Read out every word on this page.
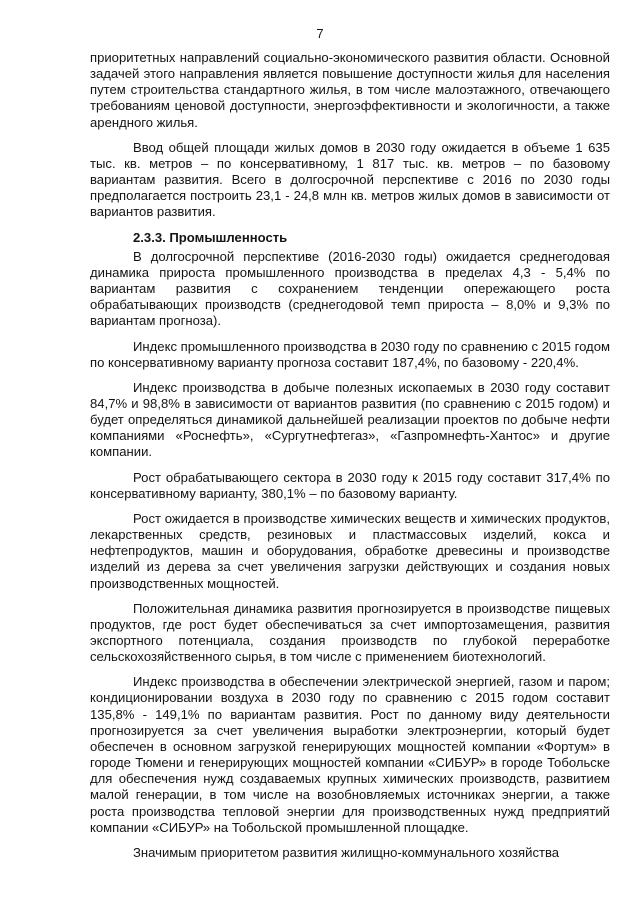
7

приоритетных направлений социально-экономического развития области. Основной задачей этого направления является повышение доступности жилья для населения путем строительства стандартного жилья, в том числе малоэтажного, отвечающего требованиям ценовой доступности, энергоэффективности и экологичности, а также арендного жилья.

Ввод общей площади жилых домов в 2030 году ожидается в объеме 1 635 тыс. кв. метров – по консервативному, 1 817 тыс. кв. метров – по базовому вариантам развития. Всего в долгосрочной перспективе с 2016 по 2030 годы предполагается построить 23,1 - 24,8 млн кв. метров жилых домов в зависимости от вариантов развития.

2.3.3. Промышленность

В долгосрочной перспективе (2016-2030 годы) ожидается среднегодовая динамика прироста промышленного производства в пределах 4,3 - 5,4% по вариантам развития с сохранением тенденции опережающего роста обрабатывающих производств (среднегодовой темп прироста – 8,0% и 9,3% по вариантам прогноза).

Индекс промышленного производства в 2030 году по сравнению с 2015 годом по консервативному варианту прогноза составит 187,4%, по базовому - 220,4%.

Индекс производства в добыче полезных ископаемых в 2030 году составит 84,7% и 98,8% в зависимости от вариантов развития (по сравнению с 2015 годом) и будет определяться динамикой дальнейшей реализации проектов по добыче нефти компаниями «Роснефть», «Сургутнефтегаз», «Газпромнефть-Хантос» и другие компании.

Рост обрабатывающего сектора в 2030 году к 2015 году составит 317,4% по консервативному варианту, 380,1% – по базовому варианту.

Рост ожидается в производстве химических веществ и химических продуктов, лекарственных средств, резиновых и пластмассовых изделий, кокса и нефтепродуктов, машин и оборудования, обработке древесины и производстве изделий из дерева за счет увеличения загрузки действующих и создания новых производственных мощностей.

Положительная динамика развития прогнозируется в производстве пищевых продуктов, где рост будет обеспечиваться за счет импортозамещения, развития экспортного потенциала, создания производств по глубокой переработке сельскохозяйственного сырья, в том числе с применением биотехнологий.

Индекс производства в обеспечении электрической энергией, газом и паром; кондиционировании воздуха в 2030 году по сравнению с 2015 годом составит 135,8% - 149,1% по вариантам развития. Рост по данному виду деятельности прогнозируется за счет увеличения выработки электроэнергии, который будет обеспечен в основном загрузкой генерирующих мощностей компании «Фортум» в городе Тюмени и генерирующих мощностей компании «СИБУР» в городе Тобольске для обеспечения нужд создаваемых крупных химических производств, развитием малой генерации, в том числе на возобновляемых источниках энергии, а также роста производства тепловой энергии для производственных нужд предприятий компании «СИБУР» на Тобольской промышленной площадке.

Значимым приоритетом развития жилищно-коммунального хозяйства
